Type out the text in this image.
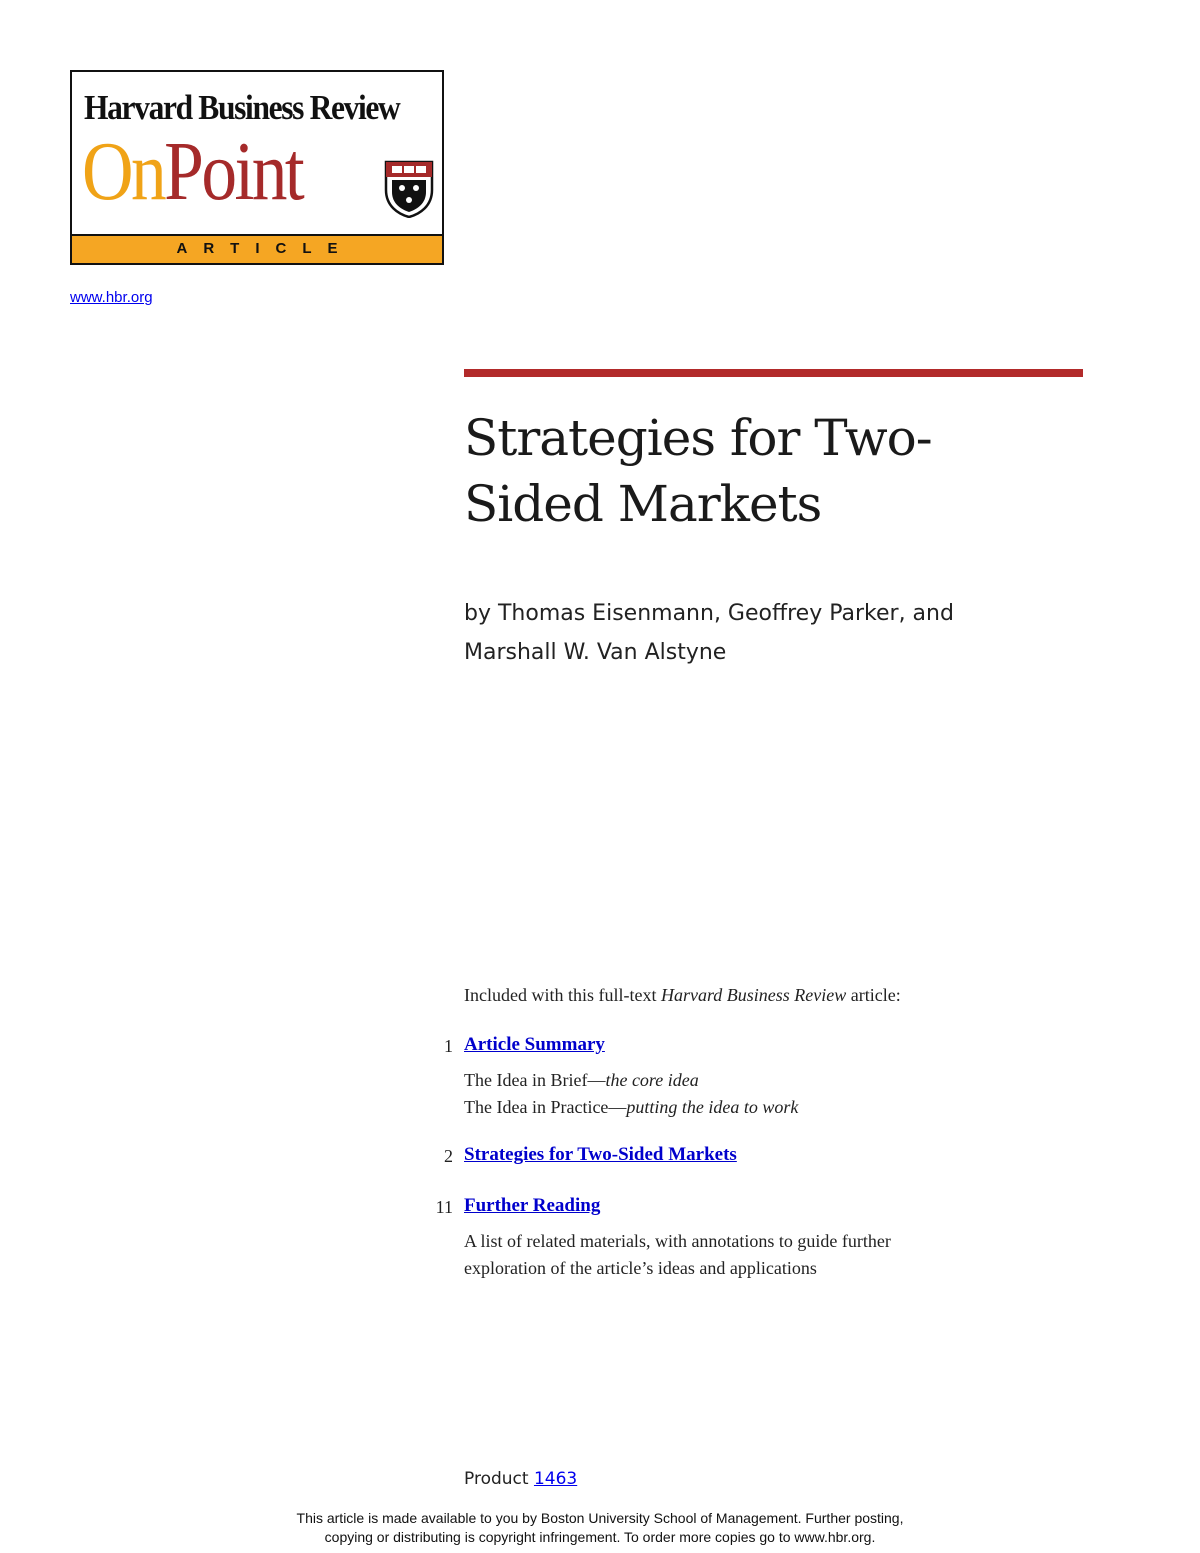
Harvard Business Review
OnPoint
ARTICLE
www.hbr.org
Strategies for Two-
Sided Markets
by Thomas Eisenmann, Geoffrey Parker, and
Marshall W. Van Alstyne
Included with this full-text Harvard Business Review article:
1 Article Summary
The Idea in Brief—the core idea
The Idea in Practice—putting the idea to work
2 Strategies for Two-Sided Markets
11 Further Reading
A list of related materials, with annotations to guide further
exploration of the article’s ideas and applications
Product 1463
This article is made available to you by Boston University School of Management. Further posting,
copying or distributing is copyright infringement. To order more copies go to www.hbr.org.
